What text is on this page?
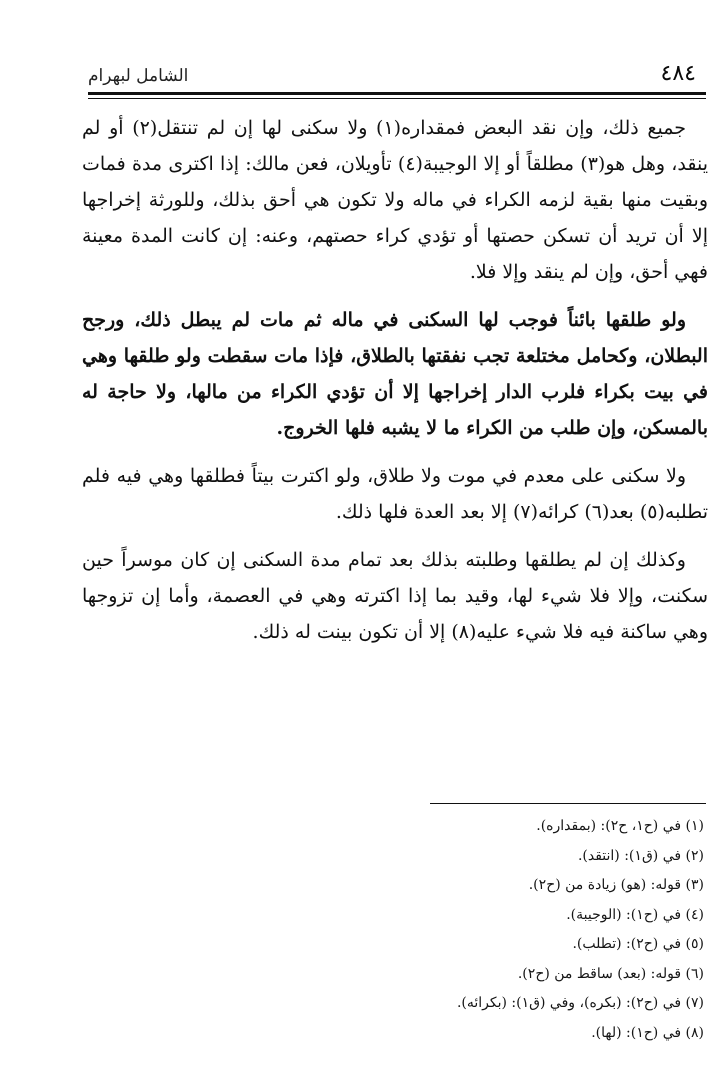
الشامل لبهرام	٤٨٤

جميع ذلك، وإن نقد البعض فمقداره(١) ولا سكنى لها إن لم تنتقل(٢) أو لم ينقد، وهل هو(٣) مطلقاً أو إلا الوجيبة(٤) تأويلان، فعن مالك: إذا اكترى مدة فمات وبقيت منها بقية لزمه الكراء في ماله ولا تكون هي أحق بذلك، وللورثة إخراجها إلا أن تريد أن تسكن حصتها أو تؤدي كراء حصتهم، وعنه: إن كانت المدة معينة فهي أحق، وإن لم ينقد وإلا فلا.

ولو طلقها بائناً فوجب لها السكنى في ماله ثم مات لم يبطل ذلك، ورجح البطلان، وكحامل مختلعة تجب نفقتها بالطلاق، فإذا مات سقطت ولو طلقها وهي في بيت بكراء فلرب الدار إخراجها إلا أن تؤدي الكراء من مالها، ولا حاجة له بالمسكن، وإن طلب من الكراء ما لا يشبه فلها الخروج.

ولا سكنى على معدم في موت ولا طلاق، ولو اكترت بيتاً فطلقها وهي فيه فلم تطلبه(٥) بعد(٦) كرائه(٧) إلا بعد العدة فلها ذلك.

وكذلك إن لم يطلقها وطلبته بذلك بعد تمام مدة السكنى إن كان موسراً حين سكنت، وإلا فلا شيء لها، وقيد بما إذا اكترته وهي في العصمة، وأما إن تزوجها وهي ساكنة فيه فلا شيء عليه(٨) إلا أن تكون بينت له ذلك.

(١) في (ح١، ح٢): (بمقداره).
(٢) في (ق١): (انتقد).
(٣) قوله: (هو) زيادة من (ح٢).
(٤) في (ح١): (الوجيبة).
(٥) في (ح٢): (تطلب).
(٦) قوله: (بعد) ساقط من (ح٢).
(٧) في (ح٢): (بكره)، وفي (ق١): (بكرائه).
(٨) في (ح١): (لها).
